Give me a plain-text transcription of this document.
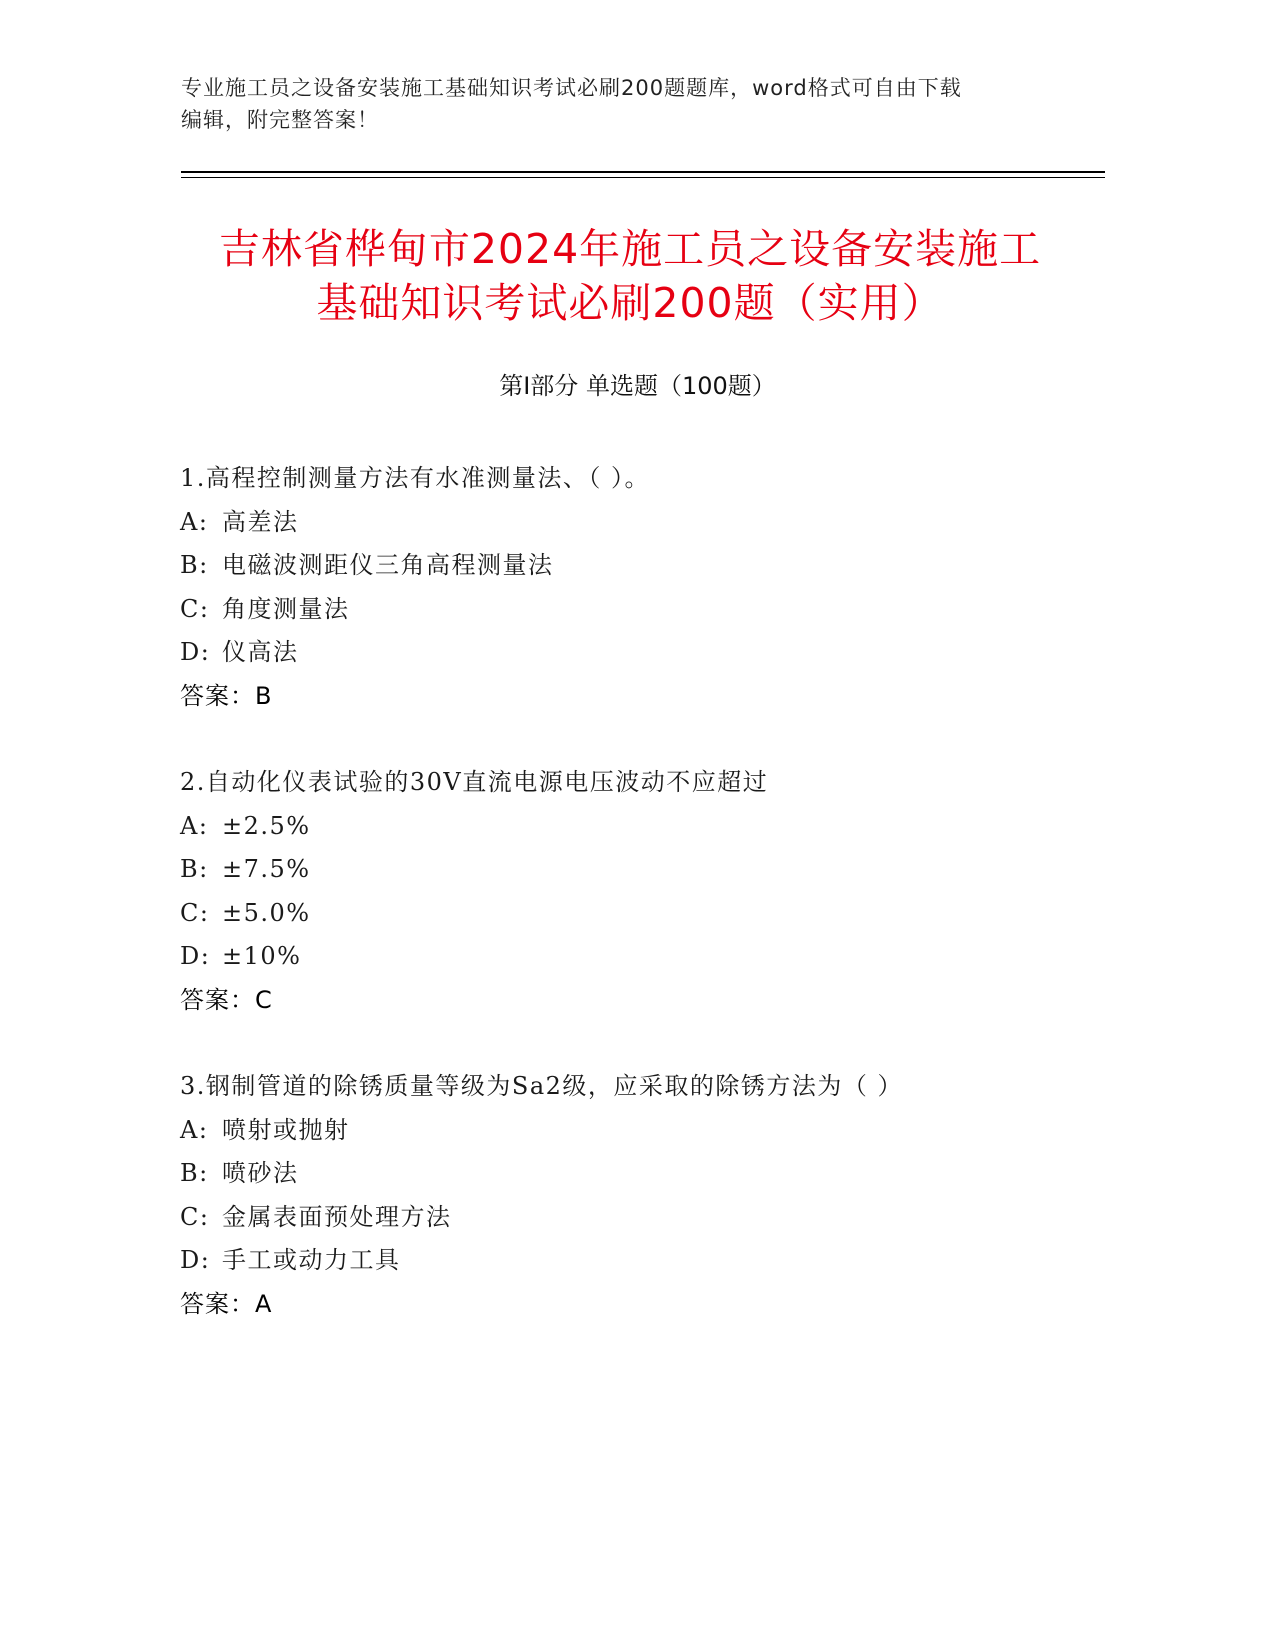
专业施工员之设备安装施工基础知识考试必刷200题题库，word格式可自由下载
编辑，附完整答案！
吉林省桦甸市2024年施工员之设备安装施工
基础知识考试必刷200题（实用）
第Ⅰ部分 单选题（100题）
1.高程控制测量方法有水准测量法、（ ）。
A: 高差法
B: 电磁波测距仪三角高程测量法
C: 角度测量法
D: 仪高法
答案：B
2.自动化仪表试验的30V直流电源电压波动不应超过
A: ±2.5%
B: ±7.5%
C: ±5.0%
D: ±10%
答案：C
3.钢制管道的除锈质量等级为Sa2级，应采取的除锈方法为（ ）
A: 喷射或抛射
B: 喷砂法
C: 金属表面预处理方法
D: 手工或动力工具
答案：A
